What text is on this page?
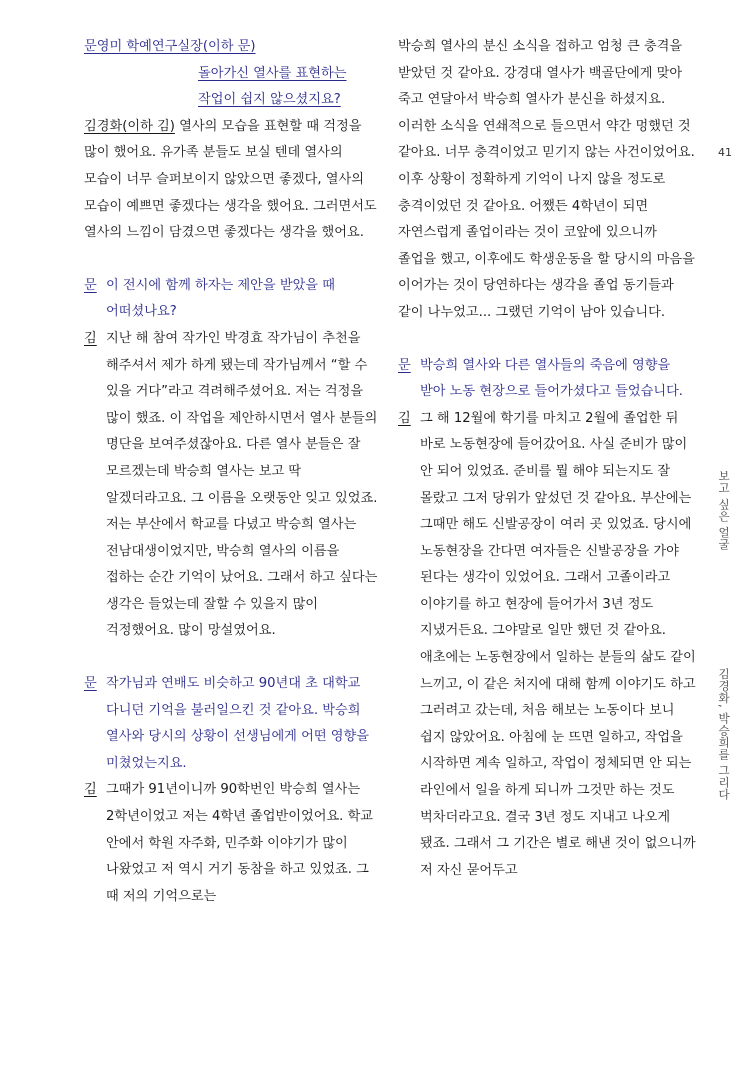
문영미 학예연구실장(이하 문)
돌아가신 열사를 표현하는
작업이 쉽지 않으셨지요?
김경화(이하 김) 열사의 모습을 표현할 때 걱정을 많이 했어요. 유가족 분들도 보실 텐데 열사의 모습이 너무 슬퍼보이지 않았으면 좋겠다, 열사의 모습이 예쁘면 좋겠다는 생각을 했어요. 그러면서도 열사의 느낌이 담겼으면 좋겠다는 생각을 했어요.
문 이 전시에 함께 하자는 제안을 받았을 때 어떠셨나요?
김 지난 해 참여 작가인 박경효 작가님이 추천을 해주셔서 제가 하게 됐는데 작가님께서 “할 수 있을 거다”라고 격려해주셨어요. 저는 걱정을 많이 했죠. 이 작업을 제안하시면서 열사 분들의 명단을 보여주셨잖아요. 다른 열사 분들은 잘 모르겠는데 박승희 열사는 보고 딱 알겠더라고요. 그 이름을 오랫동안 잊고 있었죠. 저는 부산에서 학교를 다녔고 박승희 열사는 전남대생이었지만, 박승희 열사의 이름을 접하는 순간 기억이 났어요. 그래서 하고 싶다는 생각은 들었는데 잘할 수 있을지 많이 걱정했어요. 많이 망설였어요.
문 작가님과 연배도 비슷하고 90년대 초 대학교 다니던 기억을 불러일으킨 것 같아요. 박승희 열사와 당시의 상황이 선생님에게 어떤 영향을 미쳤었는지요.
김 그때가 91년이니까 90학번인 박승희 열사는 2학년이었고 저는 4학년 졸업반이었어요. 학교 안에서 학원 자주화, 민주화 이야기가 많이 나왔었고 저 역시 거기 동참을 하고 있었죠. 그 때 저의 기억으로는
박승희 열사의 분신 소식을 접하고 엄청 큰 충격을 받았던 것 같아요. 강경대 열사가 백골단에게 맞아 죽고 연달아서 박승희 열사가 분신을 하셨지요. 이러한 소식을 연쇄적으로 들으면서 약간 멍했던 것 같아요. 너무 충격이었고 믿기지 않는 사건이었어요. 이후 상황이 정확하게 기억이 나지 않을 정도로 충격이었던 것 같아요. 어쨌든 4학년이 되면 자연스럽게 졸업이라는 것이 코앞에 있으니까 졸업을 했고, 이후에도 학생운동을 할 당시의 마음을 이어가는 것이 당연하다는 생각을 졸업 동기들과 같이 나누었고... 그랬던 기억이 남아 있습니다.
문 박승희 열사와 다른 열사들의 죽음에 영향을 받아 노동 현장으로 들어가셨다고 들었습니다.
김 그 해 12월에 학기를 마치고 2월에 졸업한 뒤 바로 노동현장에 들어갔어요. 사실 준비가 많이 안 되어 있었죠. 준비를 뭘 해야 되는지도 잘 몰랐고 그저 당위가 앞섰던 것 같아요. 부산에는 그때만 해도 신발공장이 여러 곳 있었죠. 당시에 노동현장을 간다면 여자들은 신발공장을 가야 된다는 생각이 있었어요. 그래서 고졸이라고 이야기를 하고 현장에 들어가서 3년 정도 지냈거든요. 그야말로 일만 했던 것 같아요. 애초에는 노동현장에서 일하는 분들의 삶도 같이 느끼고, 이 같은 처지에 대해 함께 이야기도 하고 그러려고 갔는데, 처음 해보는 노동이다 보니 쉽지 않았어요. 아침에 눈 뜨면 일하고, 작업을 시작하면 계속 일하고, 작업이 정체되면 안 되는 라인에서 일을 하게 되니까 그것만 하는 것도 벅차더라고요. 결국 3년 정도 지내고 나오게 됐죠. 그래서 그 기간은 별로 해낸 것이 없으니까 저 자신 묻어두고
41
보고 싶은 얼굴
김경화, 박승희를 그리다
